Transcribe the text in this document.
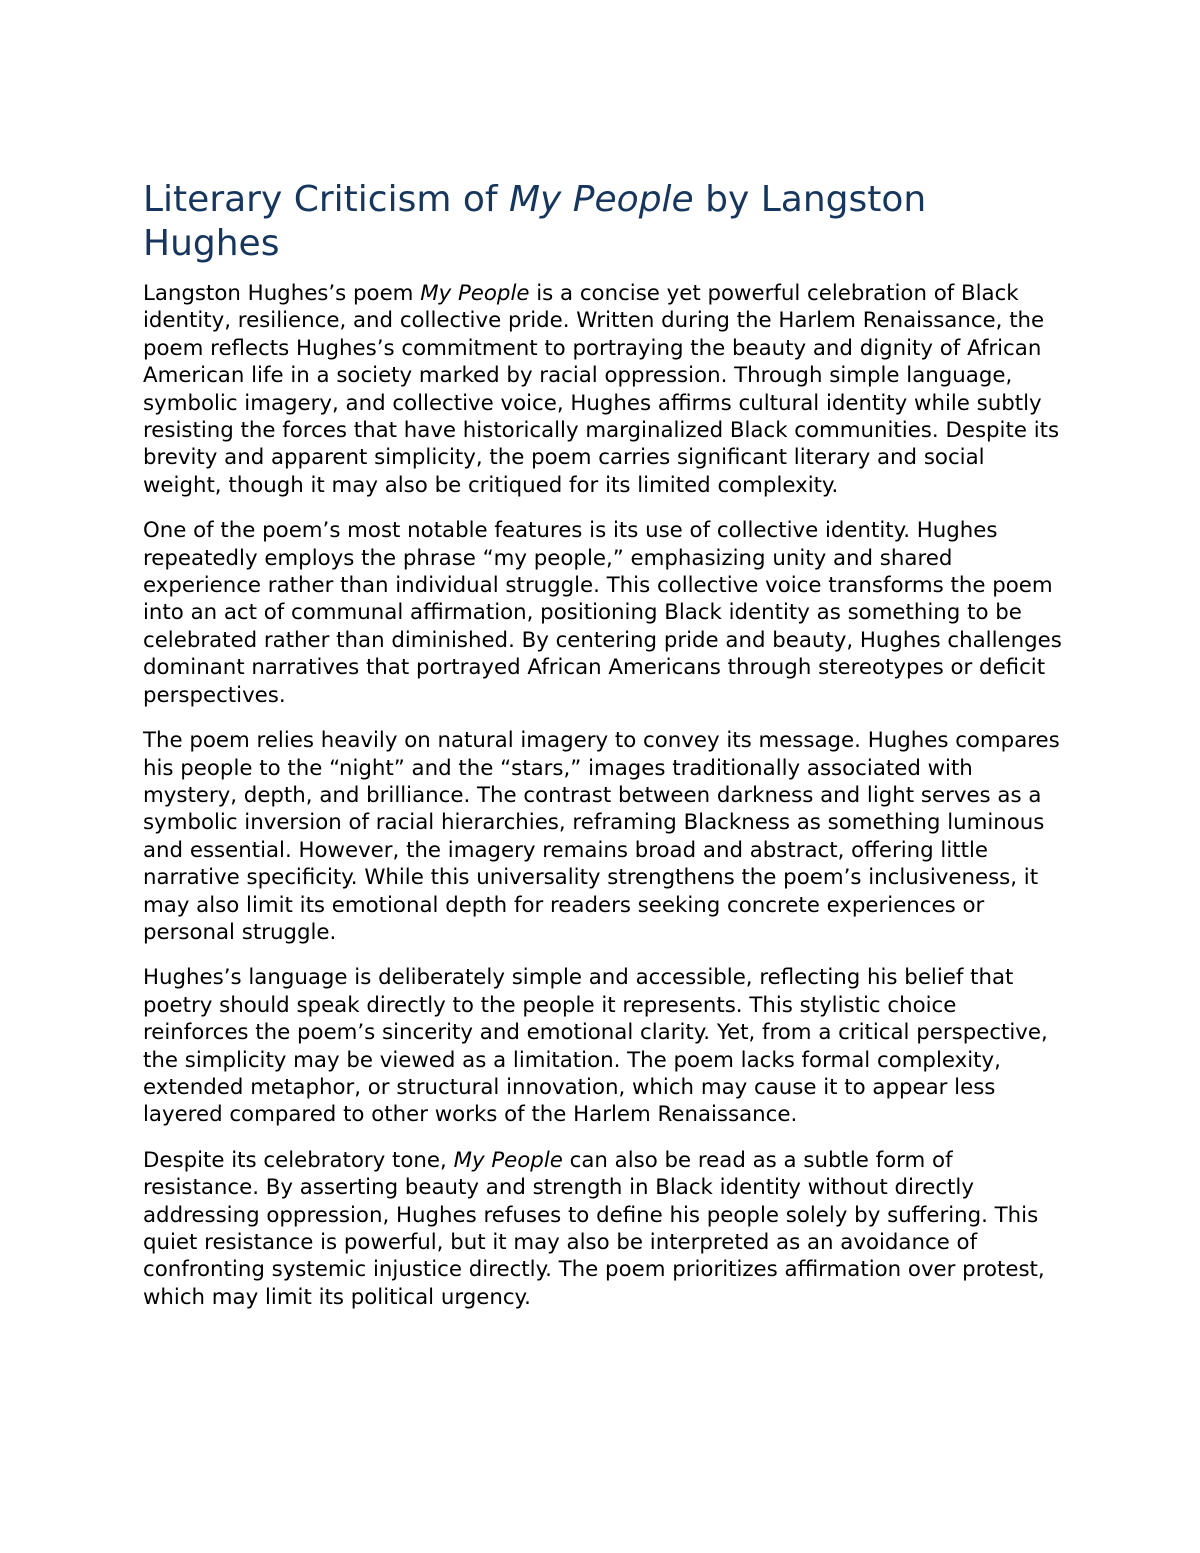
Literary Criticism of My People by Langston Hughes

Langston Hughes’s poem My People is a concise yet powerful celebration of Black identity, resilience, and collective pride. Written during the Harlem Renaissance, the poem reflects Hughes’s commitment to portraying the beauty and dignity of African American life in a society marked by racial oppression. Through simple language, symbolic imagery, and collective voice, Hughes affirms cultural identity while subtly resisting the forces that have historically marginalized Black communities. Despite its brevity and apparent simplicity, the poem carries significant literary and social weight, though it may also be critiqued for its limited complexity.

One of the poem’s most notable features is its use of collective identity. Hughes repeatedly employs the phrase “my people,” emphasizing unity and shared experience rather than individual struggle. This collective voice transforms the poem into an act of communal affirmation, positioning Black identity as something to be celebrated rather than diminished. By centering pride and beauty, Hughes challenges dominant narratives that portrayed African Americans through stereotypes or deficit perspectives.

The poem relies heavily on natural imagery to convey its message. Hughes compares his people to the “night” and the “stars,” images traditionally associated with mystery, depth, and brilliance. The contrast between darkness and light serves as a symbolic inversion of racial hierarchies, reframing Blackness as something luminous and essential. However, the imagery remains broad and abstract, offering little narrative specificity. While this universality strengthens the poem’s inclusiveness, it may also limit its emotional depth for readers seeking concrete experiences or personal struggle.

Hughes’s language is deliberately simple and accessible, reflecting his belief that poetry should speak directly to the people it represents. This stylistic choice reinforces the poem’s sincerity and emotional clarity. Yet, from a critical perspective, the simplicity may be viewed as a limitation. The poem lacks formal complexity, extended metaphor, or structural innovation, which may cause it to appear less layered compared to other works of the Harlem Renaissance.

Despite its celebratory tone, My People can also be read as a subtle form of resistance. By asserting beauty and strength in Black identity without directly addressing oppression, Hughes refuses to define his people solely by suffering. This quiet resistance is powerful, but it may also be interpreted as an avoidance of confronting systemic injustice directly. The poem prioritizes affirmation over protest, which may limit its political urgency.
